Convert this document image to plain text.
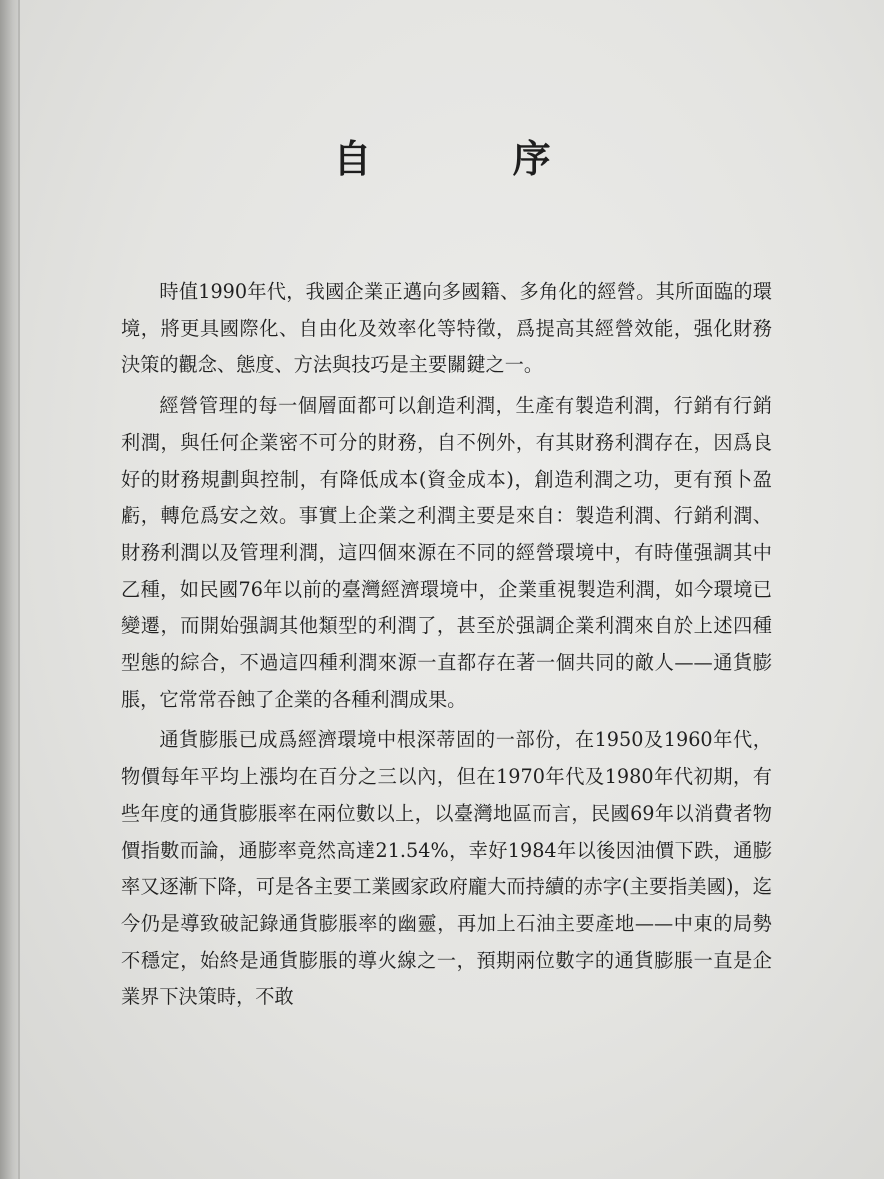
自 序

時值1990年代，我國企業正邁向多國籍、多角化的經營。其所面臨的環境，將更具國際化、自由化及效率化等特徵，爲提高其經營效能，强化財務決策的觀念、態度、方法與技巧是主要關鍵之一。

經營管理的每一個層面都可以創造利潤，生產有製造利潤，行銷有行銷利潤，與任何企業密不可分的財務，自不例外，有其財務利潤存在，因爲良好的財務規劃與控制，有降低成本(資金成本)，創造利潤之功，更有預卜盈虧，轉危爲安之效。事實上企業之利潤主要是來自：製造利潤、行銷利潤、財務利潤以及管理利潤，這四個來源在不同的經營環境中，有時僅强調其中乙種，如民國76年以前的臺灣經濟環境中，企業重視製造利潤，如今環境已變遷，而開始强調其他類型的利潤了，甚至於强調企業利潤來自於上述四種型態的綜合，不過這四種利潤來源一直都存在著一個共同的敵人——通貨膨脹，它常常吞蝕了企業的各種利潤成果。

通貨膨脹已成爲經濟環境中根深蒂固的一部份，在1950及1960年代，物價每年平均上漲均在百分之三以內，但在1970年代及1980年代初期，有些年度的通貨膨脹率在兩位數以上，以臺灣地區而言，民國69年以消費者物價指數而論，通膨率竟然高達21.54%，幸好1984年以後因油價下跌，通膨率又逐漸下降，可是各主要工業國家政府龐大而持續的赤字(主要指美國)，迄今仍是導致破記錄通貨膨脹率的幽靈，再加上石油主要產地——中東的局勢不穩定，始終是通貨膨脹的導火線之一，預期兩位數字的通貨膨脹一直是企業界下決策時，不敢
